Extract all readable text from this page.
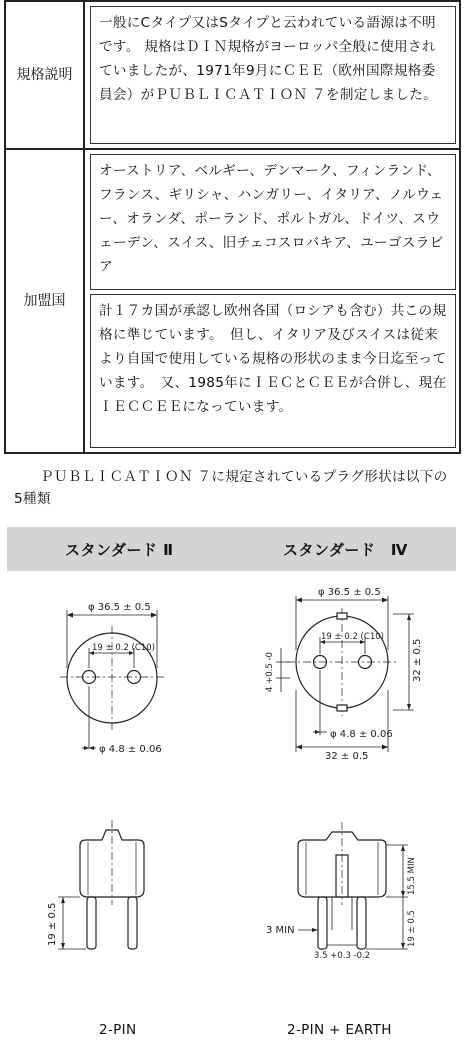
規格説明
一般にCタイプ又はSタイプと云われている語源は不明です。 規格はＤＩＮ規格がヨーロッパ全般に使用されていましたが、1971年9月にＣＥＥ（欧州国際規格委員会）がＰＵＢＬＩＣＡＴＩＯＮ ７を制定しました。
加盟国
オーストリア、ベルギー、デンマーク、フィンランド、フランス、ギリシャ、ハンガリー、イタリア、ノルウェー、オランダ、ポーランド、ポルトガル、ドイツ、スウェーデン、スイス、旧チェコスロバキア、ユーゴスラビア
計１７カ国が承認し欧州各国（ロシアも含む）共この規格に準じています。　但し、イタリア及びスイスは従来より自国で使用している規格の形状のまま今日迄至っています。　又、1985年にＩＥＣとＣＥＥが合併し、現在ＩＥＣＣＥＥになっています。
ＰＵＢＬＩＣＡＴＩＯＮ ７に規定されているプラグ形状は以下の5種類
スタンダード Ⅱ	スタンダード　Ⅳ
φ 36.5 ± 0.5
19 ± 0.2 (C10)
φ 4.8 ± 0.06
19 ± 0.5
φ 36.5 ± 0.5
19 ± 0.2 (C10)
φ 4.8 ± 0.06
32 ± 0.5
32 ± 0.5
4 +0.5 -0
15.5 MIN
19 ± 0.5
3 MIN
3.5 +0.3 -0.2
2-PIN	2-PIN + EARTH
